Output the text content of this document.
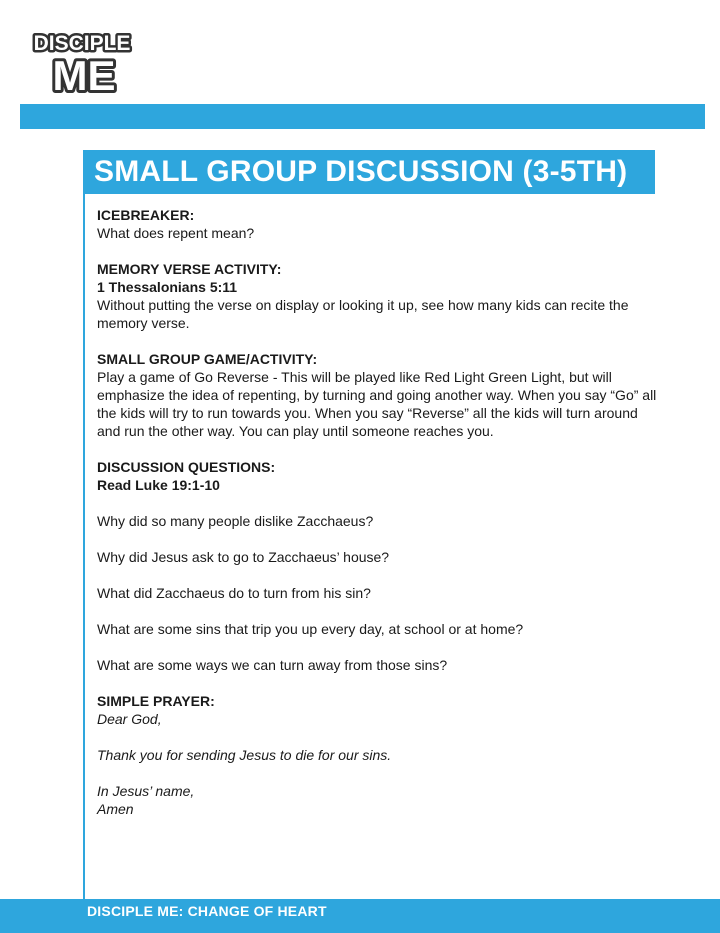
DISCIPLE
ME
SMALL GROUP DISCUSSION (3-5TH)

ICEBREAKER:

What does repent mean?

MEMORY VERSE ACTIVITY:

1 Thessalonians 5:11

Without putting the verse on display or looking it up, see how many kids can recite the memory verse.

SMALL GROUP GAME/ACTIVITY:

Play a game of Go Reverse - This will be played like Red Light Green Light, but will emphasize the idea of repenting, by turning and going another way. When you say “Go” all the kids will try to run towards you. When you say “Reverse” all the kids will turn around and run the other way. You can play until someone reaches you.

DISCUSSION QUESTIONS:

Read Luke 19:1-10

Why did so many people dislike Zacchaeus?

Why did Jesus ask to go to Zacchaeus’ house?

What did Zacchaeus do to turn from his sin?

What are some sins that trip you up every day, at school or at home?

What are some ways we can turn away from those sins?

SIMPLE PRAYER:

Dear God,

Thank you for sending Jesus to die for our sins.

In Jesus’ name,

Amen

DISCIPLE ME: CHANGE OF HEART
